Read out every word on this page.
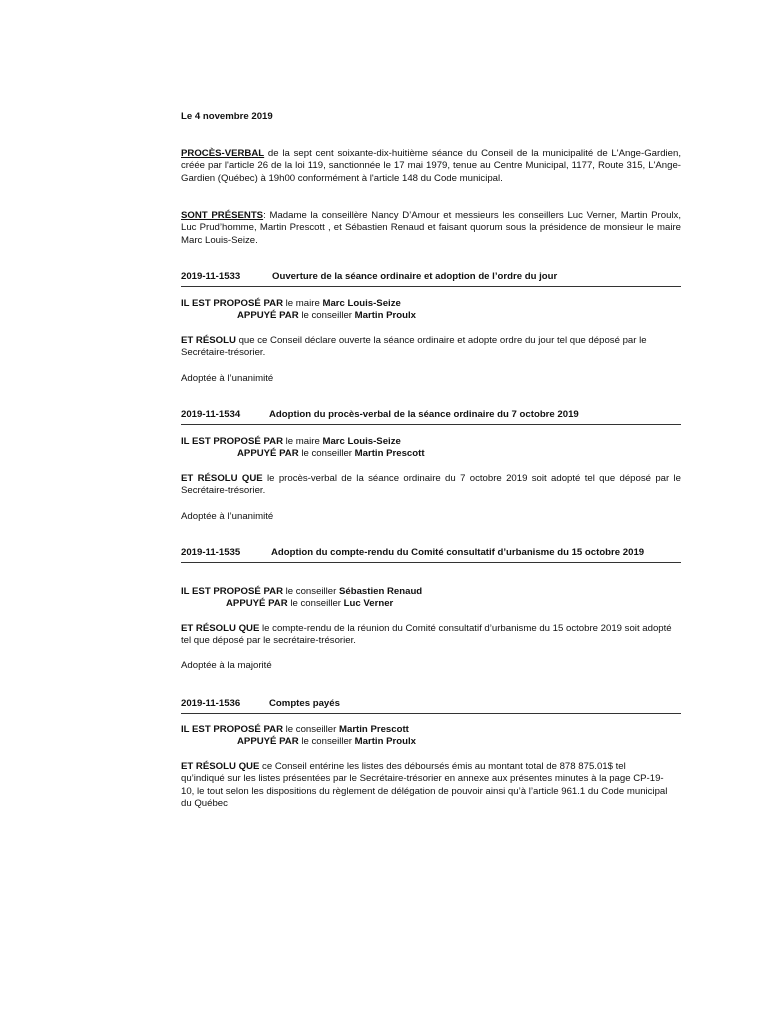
Le 4 novembre 2019
PROCÈS-VERBAL de la sept cent soixante-dix-huitième séance du Conseil de la municipalité de L'Ange-Gardien, créée par l'article 26 de la loi 119, sanctionnée le 17 mai 1979, tenue au Centre Municipal, 1177, Route 315, L'Ange-Gardien (Québec) à 19h00 conformément à l'article 148 du Code municipal.
SONT PRÉSENTS: Madame la conseillère Nancy D’Amour et messieurs les conseillers Luc Verner, Martin Proulx, Luc Prud’homme, Martin Prescott , et Sébastien Renaud et faisant quorum sous la présidence de monsieur le maire Marc Louis-Seize.
2019-11-1533	Ouverture de la séance ordinaire et adoption de l’ordre du jour
IL EST PROPOSÉ PAR le maire Marc Louis-Seize
APPUYÉ PAR le conseiller Martin Proulx
ET RÉSOLU que ce Conseil déclare ouverte la séance ordinaire et adopte ordre du jour tel que déposé par le Secrétaire-trésorier.
Adoptée à l’unanimité
2019-11-1534	Adoption du procès-verbal de la séance ordinaire du 7 octobre 2019
IL EST PROPOSÉ PAR le maire Marc Louis-Seize
APPUYÉ PAR le conseiller Martin Prescott
ET RÉSOLU QUE le procès-verbal de la séance ordinaire du 7 octobre 2019 soit adopté tel que déposé par le Secrétaire-trésorier.
Adoptée à l’unanimité
2019-11-1535	Adoption du compte-rendu du Comité consultatif d’urbanisme du 15 octobre 2019
IL EST PROPOSÉ PAR le conseiller Sébastien Renaud
APPUYÉ PAR le conseiller Luc Verner
ET RÉSOLU QUE le compte-rendu de la réunion du Comité consultatif d’urbanisme du 15 octobre 2019 soit adopté tel que déposé par le secrétaire-trésorier.
Adoptée à la majorité
2019-11-1536	Comptes payés
IL EST PROPOSÉ PAR le conseiller Martin Prescott
APPUYÉ PAR le conseiller Martin Proulx
ET RÉSOLU QUE ce Conseil entérine les listes des déboursés émis au montant total de 878 875.01$ tel qu’indiqué sur les listes présentées par le Secrétaire-trésorier en annexe aux présentes minutes à la page CP-19-10, le tout selon les dispositions du règlement de délégation de pouvoir ainsi qu’à l’article 961.1 du Code municipal du Québec
